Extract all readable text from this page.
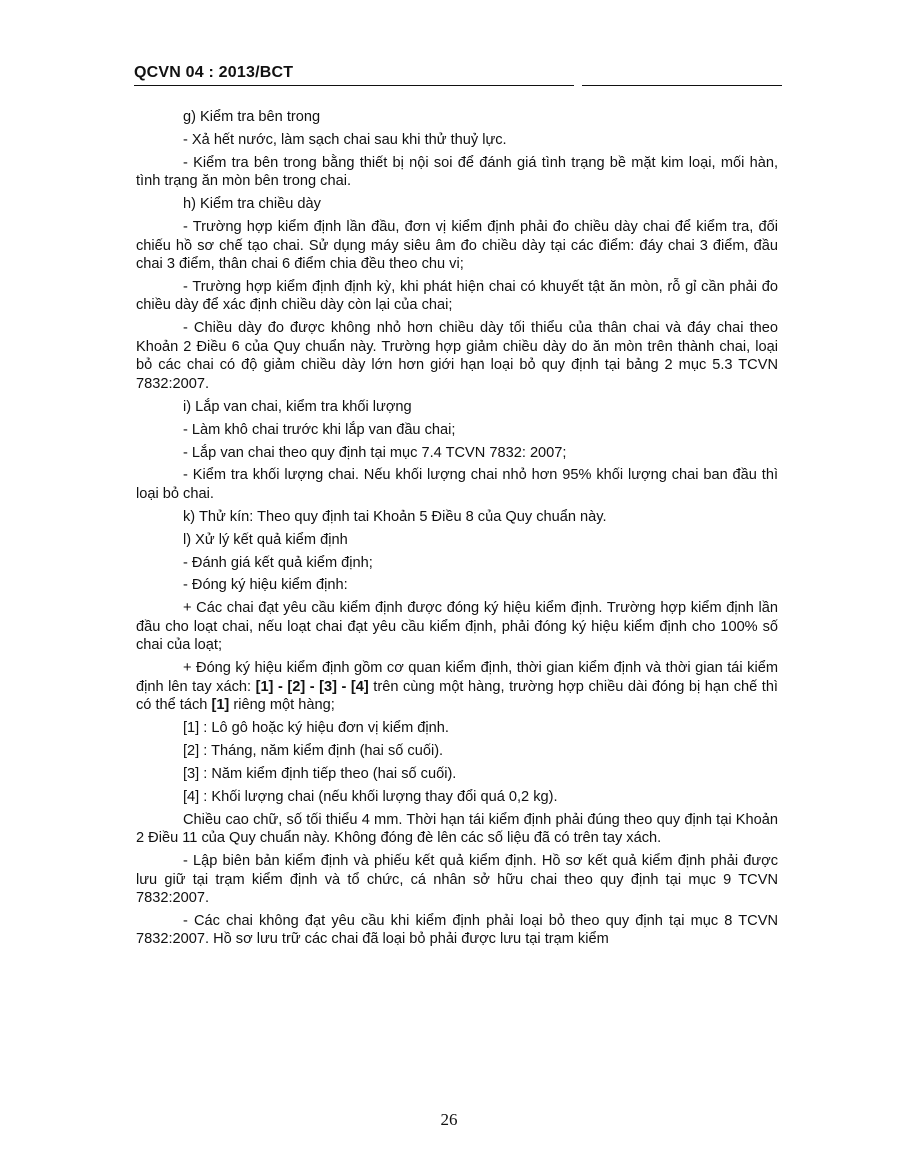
QCVN 04 : 2013/BCT

g) Kiểm tra bên trong

- Xả hết nước, làm sạch chai sau khi thử thuỷ lực.

- Kiểm tra bên trong bằng thiết bị nội soi để đánh giá tình trạng bề mặt kim loại, mối hàn, tình trạng ăn mòn bên trong chai.

h) Kiểm tra chiều dày

- Trường hợp kiểm định lần đầu, đơn vị kiểm định phải đo chiều dày chai để kiểm tra, đối chiếu hồ sơ chế tạo chai. Sử dụng máy siêu âm đo chiều dày tại các điểm: đáy chai 3 điểm, đầu chai 3 điểm, thân chai 6 điểm chia đều theo chu vi;

- Trường hợp kiểm định định kỳ, khi phát hiện chai có khuyết tật ăn mòn, rỗ gỉ cần phải đo chiều dày để xác định chiều dày còn lại của chai;

- Chiều dày đo được không nhỏ hơn chiều dày tối thiểu của thân chai và đáy chai theo Khoản 2 Điều 6 của Quy chuẩn này. Trường hợp giảm chiều dày do ăn mòn trên thành chai, loại bỏ các chai có độ giảm chiều dày lớn hơn giới hạn loại bỏ quy định tại bảng 2 mục 5.3 TCVN 7832:2007.

i) Lắp van chai, kiểm tra khối lượng

- Làm khô chai trước khi lắp van đầu chai;

- Lắp van chai theo quy định tại mục 7.4 TCVN 7832: 2007;

- Kiểm tra khối lượng chai. Nếu khối lượng chai nhỏ hơn 95% khối lượng chai ban đầu thì loại bỏ chai.

k) Thử kín: Theo quy định tai Khoản 5 Điều 8 của Quy chuẩn này.

l) Xử lý kết quả kiểm định

- Đánh giá kết quả kiểm định;

- Đóng ký hiệu kiểm định:

+ Các chai đạt yêu cầu kiểm định được đóng ký hiệu kiểm định. Trường hợp kiểm định lần đầu cho loạt chai, nếu loạt chai đạt yêu cầu kiểm định, phải đóng ký hiệu kiểm định cho 100% số chai của loạt;

+ Đóng ký hiệu kiểm định gồm cơ quan kiểm định, thời gian kiểm định và thời gian tái kiểm định lên tay xách: [1] - [2] - [3] - [4] trên cùng một hàng, trường hợp chiều dài đóng bị hạn chế thì có thể tách [1] riêng một hàng;

[1] : Lô gô hoặc ký hiệu đơn vị kiểm định.

[2] : Tháng, năm kiểm định (hai số cuối).

[3] : Năm kiểm định tiếp theo (hai số cuối).

[4] : Khối lượng chai (nếu khối lượng thay đổi quá 0,2 kg).

Chiều cao chữ, số tối thiểu 4 mm. Thời hạn tái kiểm định phải đúng theo quy định tại Khoản 2 Điều 11 của Quy chuẩn này. Không đóng đè lên các số liệu đã có trên tay xách.

- Lập biên bản kiểm định và phiếu kết quả kiểm định. Hồ sơ kết quả kiểm định phải được lưu giữ tại trạm kiểm định và tổ chức, cá nhân sở hữu chai theo quy định tại mục 9 TCVN 7832:2007.

- Các chai không đạt yêu cầu khi kiểm định phải loại bỏ theo quy định tại mục 8 TCVN 7832:2007. Hồ sơ lưu trữ các chai đã loại bỏ phải được lưu tại trạm kiểm

26
